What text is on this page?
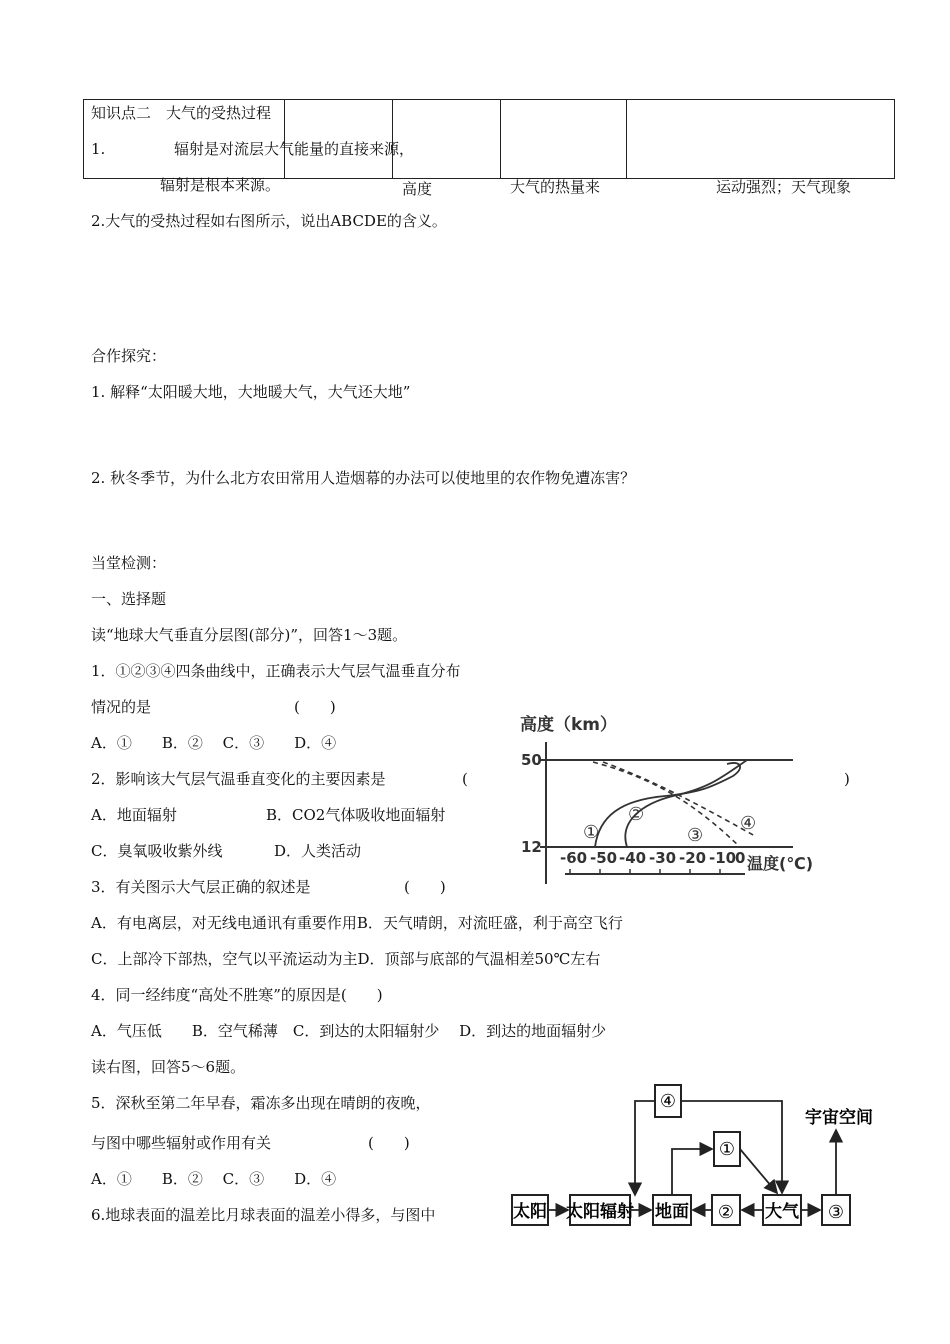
知识点二　大气的受热过程
1.	辐射是对流层大气能量的直接来源，
辐射是根本来源。	高度	大气的热量来	运动强烈；天气现象
2.大气的受热过程如右图所示，说出ABCDE的含义。
合作探究：
1. 解释“太阳暖大地，大地暖大气，大气还大地”
2. 秋冬季节，为什么北方农田常用人造烟幕的办法可以使地里的农作物免遭冻害？
当堂检测：
一、选择题
读“地球大气垂直分层图(部分)”，回答1～3题。
1．①②③④四条曲线中，正确表示大气层气温垂直分布
情况的是	(　　)
A．①　　B．②　 C．③　　D．④
2．影响该大气层气温垂直变化的主要因素是	(	)
A．地面辐射	B．CO2气体吸收地面辐射
C．臭氧吸收紫外线	D．人类活动
3．有关图示大气层正确的叙述是	(　　)
A．有电离层，对无线电通讯有重要作用B．天气晴朗，对流旺盛，利于高空飞行
C．上部冷下部热，空气以平流运动为主D．顶部与底部的气温相差50℃左右
4．同一经纬度“高处不胜寒”的原因是(　　)
A．气压低　　B．空气稀薄　C．到达的太阳辐射少　 D．到达的地面辐射少
读右图，回答5～6题。
5．深秋至第二年早春，霜冻多出现在晴朗的夜晚，
与图中哪些辐射或作用有关	(　　)
A．①　　B．②　 C．③　　D．④
6.地球表面的温差比月球表面的温差小得多，与图中
高度（km）
50
12
-60 -50 -40 -30 -20 -10
0 温度(℃)
①
②
③
④
太阳 太阳辐射 地面 ② 大气 ③
①
④
宇宙空间
